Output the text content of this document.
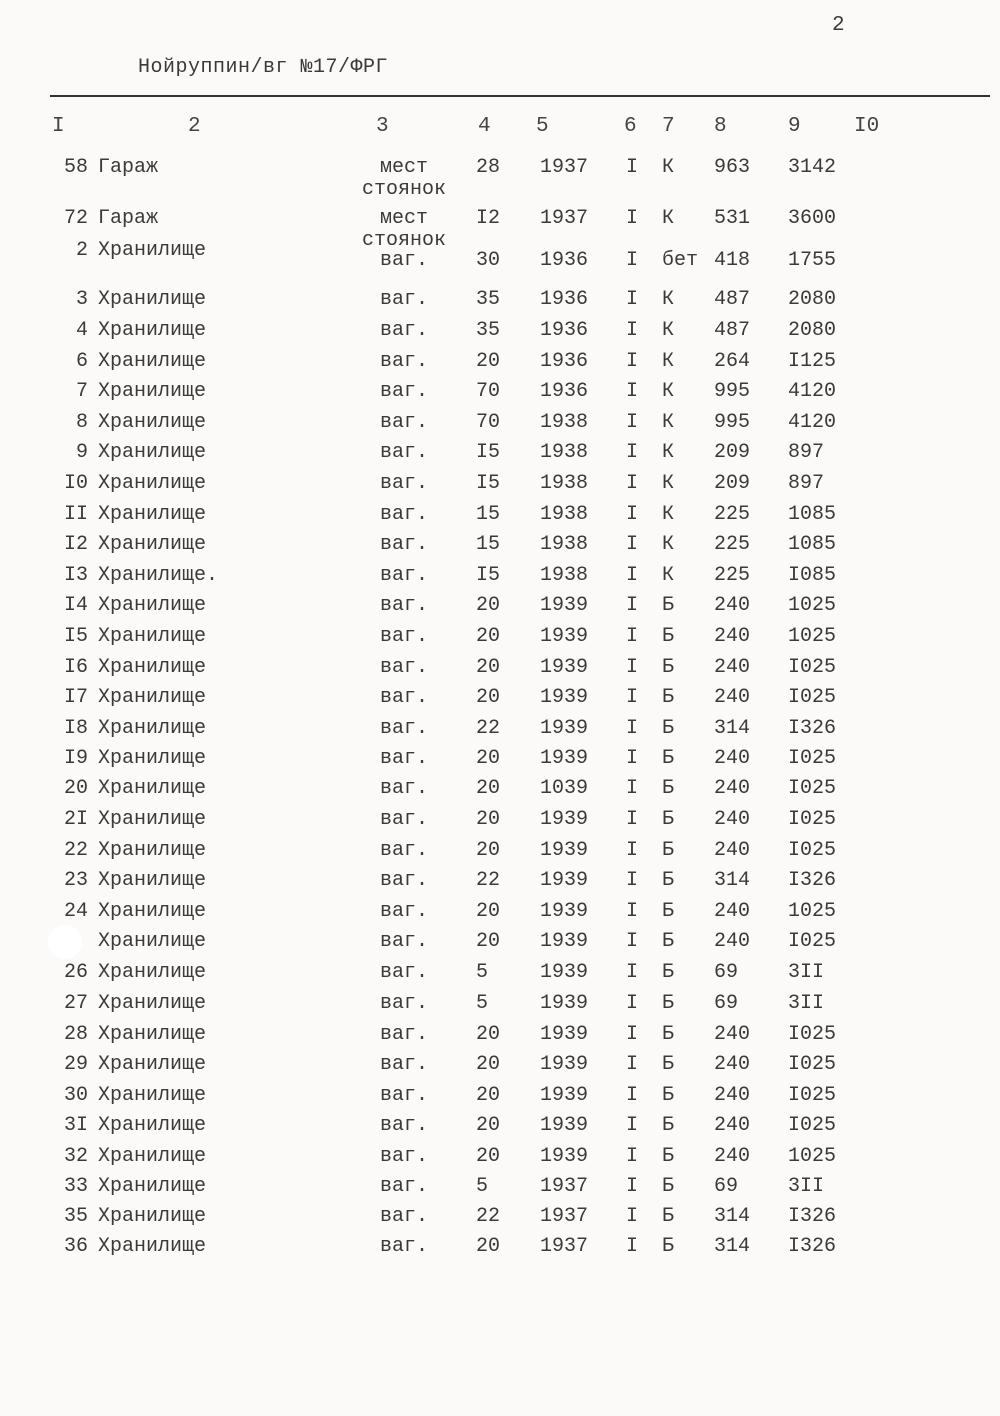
2
Нойруппин/вг №17/ФРГ
I	2	3	4 5	6 7 8	9	I0
58 Гараж	мест	28 1937 I К 963 3142
стоянок
72 Гараж	мест	I2 1937 I К 531 3600
стоянок
2 Хранилище	ваг.	30 1936 I бет 418 1755
3 Хранилище	ваг.	35 1936 I К 487 2080
4 Хранилище	ваг.	35 1936 I К 487 2080
6 Хранилище	ваг.	20 1936 I К 264 I125
7 Хранилище	ваг.	70 1936 I К 995 4120
8 Хранилище	ваг.	70 1938 I К 995 4120
9 Хранилище	ваг.	I5 1938 I К 209 897
I0 Хранилище	ваг.	I5 1938 I К 209 897
II Хранилище	ваг.	15 1938 I К 225 1085
I2 Хранилище	ваг.	15 1938 I К 225 1085
I3 Хранилище.	ваг.	I5 1938 I К 225 I085
I4 Хранилище	ваг.	20 1939 I Б 240 1025
I5 Хранилище	ваг.	20 1939 I Б 240 1025
I6 Хранилище	ваг.	20 1939 I Б 240 I025
I7 Хранилище	ваг.	20 1939 I Б 240 I025
I8 Хранилище	ваг.	22 1939 I Б 314 I326
I9 Хранилище	ваг.	20 1939 I Б 240 I025
20 Хранилище	ваг.	20 1039 I Б 240 I025
2I Хранилище	ваг.	20 1939 I Б 240 I025
22 Хранилище	ваг.	20 1939 I Б 240 I025
23 Хранилище	ваг.	22 1939 I Б 314 I326
24 Хранилище	ваг.	20 1939 I Б 240 1025
Хранилище	ваг.	20 1939 I Б 240 I025
26 Хранилище	ваг.	5	1939 I Б 69 3II
27 Хранилище	ваг.	5	1939 I Б 69 3II
28 Хранилище	ваг.	20 1939 I Б 240 I025
29 Хранилище	ваг.	20 1939 I Б 240 I025
30 Хранилище	ваг.	20 1939 I Б 240 I025
3I Хранилище	ваг.	20 1939 I Б 240 I025
32 Хранилище	ваг.	20 1939 I Б 240 1025
33 Хранилище	ваг.	5	1937 I Б 69 3II
35 Хранилище	ваг.	22 1937 I Б 314 I326
36 Хранилище	ваг.	20 1937 I Б 314 I326
